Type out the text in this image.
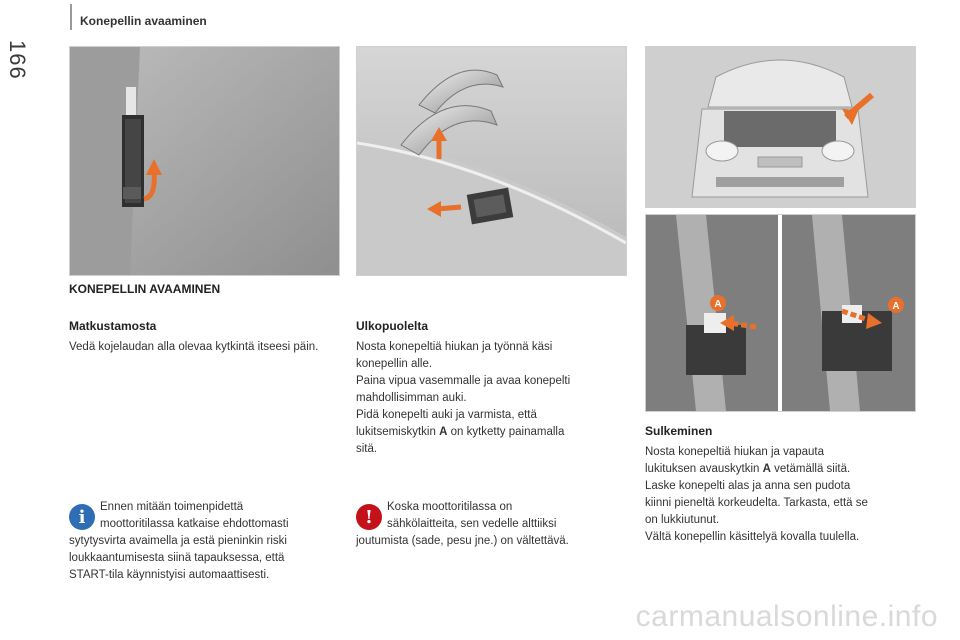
166
Konepellin avaaminen
A	A
KONEPELLIN AVAAMINEN
Matkustamosta
Vedä kojelaudan alla olevaa kytkintä itseesi päin.
Ulkopuolelta
Nosta konepeltiä hiukan ja työnnä käsi
konepellin alle.
Paina vipua vasemmalle ja avaa konepelti
mahdollisimman auki.
Pidä konepelti auki ja varmista, että
lukitsemiskytkin A on kytketty painamalla
sitä.
Sulkeminen
Nosta konepeltiä hiukan ja vapauta
lukituksen avauskytkin A vetämällä siitä.
Laske konepelti alas ja anna sen pudota
kiinni pieneltä korkeudelta. Tarkasta, että se
on lukkiutunut.
Vältä konepellin käsittelyä kovalla tuulella.
i	Ennen mitään toimenpidettä
moottoritilassa katkaise ehdottomasti
sytytysvirta avaimella ja estä pieninkin riski
loukkaantumisesta siinä tapauksessa, että
START-tila käynnistyisi automaattisesti.
!	Koska moottoritilassa on
sähkölaitteita, sen vedelle alttiiksi
joutumista (sade, pesu jne.) on vältettävä.
carmanualsonline.info
